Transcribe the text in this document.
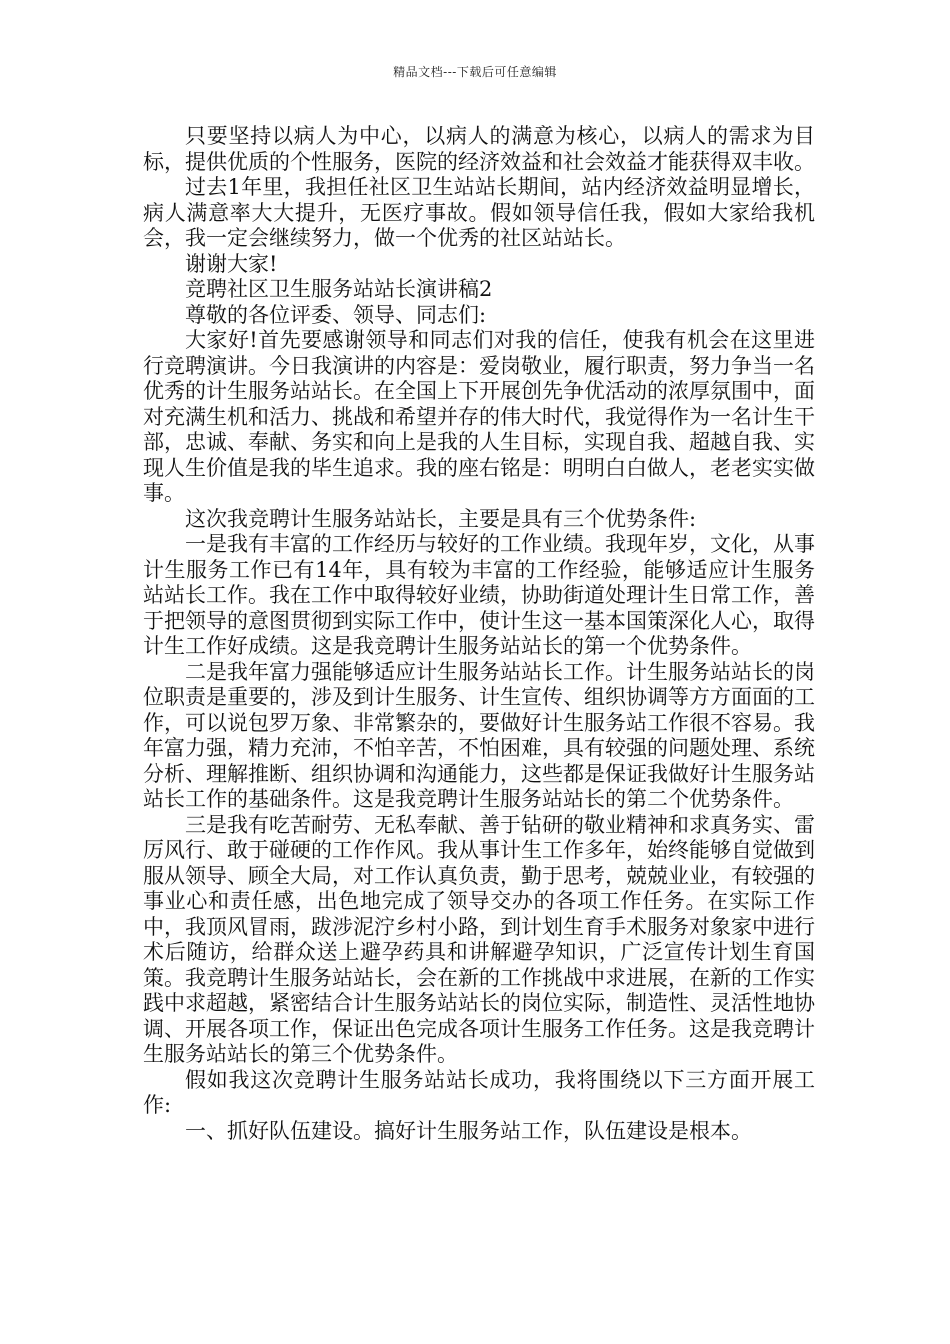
精品文档---下载后可任意编辑

只要坚持以病人为中心，以病人的满意为核心，以病人的需求为目标，提供优质的个性服务，医院的经济效益和社会效益才能获得双丰收。

过去1年里，我担任社区卫生站站长期间，站内经济效益明显增长，病人满意率大大提升，无医疗事故。假如领导信任我，假如大家给我机会，我一定会继续努力，做一个优秀的社区站站长。

谢谢大家!

竞聘社区卫生服务站站长演讲稿2

尊敬的各位评委、领导、同志们:

大家好!首先要感谢领导和同志们对我的信任，使我有机会在这里进行竞聘演讲。今日我演讲的内容是：爱岗敬业，履行职责，努力争当一名优秀的计生服务站站长。在全国上下开展创先争优活动的浓厚氛围中，面对充满生机和活力、挑战和希望并存的伟大时代，我觉得作为一名计生干部，忠诚、奉献、务实和向上是我的人生目标，实现自我、超越自我、实现人生价值是我的毕生追求。我的座右铭是：明明白白做人，老老实实做事。

这次我竞聘计生服务站站长，主要是具有三个优势条件:

一是我有丰富的工作经历与较好的工作业绩。我现年岁，文化，从事计生服务工作已有14年，具有较为丰富的工作经验，能够适应计生服务站站长工作。我在工作中取得较好业绩，协助街道处理计生日常工作，善于把领导的意图贯彻到实际工作中，使计生这一基本国策深化人心，取得计生工作好成绩。这是我竞聘计生服务站站长的第一个优势条件。

二是我年富力强能够适应计生服务站站长工作。计生服务站站长的岗位职责是重要的，涉及到计生服务、计生宣传、组织协调等方方面面的工作，可以说包罗万象、非常繁杂的，要做好计生服务站工作很不容易。我年富力强，精力充沛，不怕辛苦，不怕困难，具有较强的问题处理、系统分析、理解推断、组织协调和沟通能力，这些都是保证我做好计生服务站站长工作的基础条件。这是我竞聘计生服务站站长的第二个优势条件。

三是我有吃苦耐劳、无私奉献、善于钻研的敬业精神和求真务实、雷厉风行、敢于碰硬的工作作风。我从事计生工作多年，始终能够自觉做到服从领导、顾全大局，对工作认真负责，勤于思考，兢兢业业，有较强的事业心和责任感，出色地完成了领导交办的各项工作任务。在实际工作中，我顶风冒雨，跋涉泥泞乡村小路，到计划生育手术服务对象家中进行术后随访，给群众送上避孕药具和讲解避孕知识，广泛宣传计划生育国策。我竞聘计生服务站站长，会在新的工作挑战中求进展，在新的工作实践中求超越，紧密结合计生服务站站长的岗位实际，制造性、灵活性地协调、开展各项工作，保证出色完成各项计生服务工作任务。这是我竞聘计生服务站站长的第三个优势条件。

假如我这次竞聘计生服务站站长成功，我将围绕以下三方面开展工作:

一、抓好队伍建设。搞好计生服务站工作，队伍建设是根本。
